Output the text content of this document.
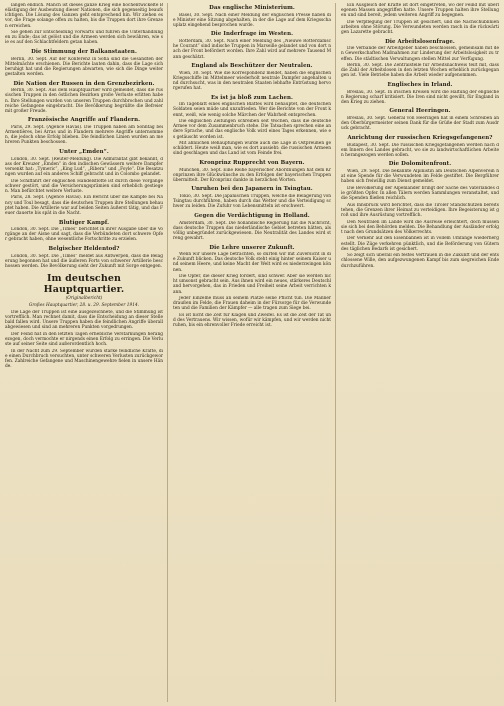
langen endlich. Manch ist dieses ganze Krieg eine hochentwickelte Belästigung der Ausbeutung dieser Nationen, die sich gegenseitig beaufsichtigen. Die Lösung des Ganzen geht entsprechend hin. Wir ziehen es vor, die Frage solange offen zu halten, bis die Truppen dort ihre Grenzen erreichen.
Sie gehen zur Entscheidung vorwärts und führen die Unterhandlungen zu Ende; das ist gelöst und die Armeen werden sich bewähren, wie sie es auf den Schlachtfeldern getan haben.
Die Stimmung der Balkanstaaten.
Berlin, 30. Sept. Auf der Konferenz in Sofia sind die Gesandten der Mittelmächte erschienen. Die Berichte lauten dahin, dass die Lage sich beruhigt hat und die Regierungen abwarten, wie sich die Dinge weiter gestalten werden.
Die Nation der Russen in den Grenzbezirken.
Berlin, 30. Sept. Aus dem Hauptquartier wird gemeldet, dass die russischen Truppen in den östlichen Bezirken große Verluste erlitten haben. Ihre Stellungen wurden von unseren Truppen durchbrochen und zahlreiche Gefangene eingebracht. Die Bevölkerung begrüßte die Befreier mit großer Freude.
Französische Angriffe auf Flandern.
Paris, 29. Sept. (Agence Havas). Die Truppen haben am Sonntag bei Armentières, bei Arras und in Flandern mehrere Angriffe unternommen, die jedoch ohne Erfolg blieben. Die feindlichen Linien wurden an mehreren Punkten beschossen.
Unter „Emden“.
London, 30. Sept. (Reuter-Meldung). Die Admiralität gibt bekannt, dass der Kreuzer „Emden“ in den indischen Gewässern weitere Dampfer versenkt hat: „Tymeric“, „King Lud“, „Ribera“ und „Foyle“. Die Besatzungen wurden auf ein anderes Schiff gebracht und in Colombo gelandet.
Die Schiffahrt der englischen Handelsflotte ist durch diese Vorgänge schwer gestört, und die Versicherungsprämien sind erheblich gestiegen. Man befürchtet weitere Verluste.
Paris, 28. Sept. (Agence Havas). Ein Bericht über die Kämpfe bei Nancy und Toul besagt, dass die deutschen Truppen ihre Stellungen behauptet haben. Die Artillerie war auf beiden Seiten äußerst tätig, und das Feuer dauerte bis spät in die Nacht.
Blutiger Kampf.
London, 30. Sept. Die „Times“ berichtet in ihrer Ausgabe über die Vorgänge an der Aisne und sagt, dass die Verbündeten dort schwere Opfer gebracht haben, ohne wesentliche Fortschritte zu erzielen.
Belgischer Heldentod?
London, 30. Sept. Die „Times“ meldet aus Antwerpen, dass die Belagerung begonnen hat und die äußeren Forts von schwerer Artillerie beschossen werden. Die Bevölkerung sieht der Zukunft mit Sorge entgegen.
Im deutschen Hauptquartier.
(Originalbericht)
Großes Hauptquartier, 28. u. 29. September 1914.
Die Lage der Truppen ist eine ausgezeichnete, und die Stimmung ist vortrefflich. Man rechnet damit, dass die Entscheidung an dieser Stelle bald fallen wird. Unsere Truppen haben die feindlichen Angriffe überall abgewiesen und sind an mehreren Punkten vorgedrungen.
Der Feind hat in den letzten Tagen erhebliche Verstärkungen herangezogen, doch vermochte er nirgends einen Erfolg zu erringen. Die Verluste auf seiner Seite sind außerordentlich hoch.
In der Nacht zum 29. September wurden starke feindliche Kräfte, die einen Durchbruch versuchten, unter schweren Verlusten zurückgeworfen. Zahlreiche Gefangene und Maschinengewehre fielen in unsere Hände.
Das englische Ministerium.
Basel, 30. Sept. Nach einer Meldung der englischen Presse haben die Minister eine Sitzung abgehalten, in der die Lage auf dem Kriegsschauplatz eingehend besprochen wurde.
Die Inderfrage im Westen.
Rotterdam, 30. Sept. Nach einer Meldung des „Nieuwe Rotterdamsche Courant“ sind indische Truppen in Marseille gelandet und von dort nach der Front befördert worden. Ihre Zahl wird auf mehrere Tausend Mann geschätzt.
England als Beschützer der Neutralen.
Wien, 30. Sept. Wie die Korrespondenz meldet, haben die englischen Kriegsschiffe im Mittelmeer wiederholt neutrale Dampfer angehalten und durchsucht, was in den neutralen Staaten lebhafte Entrüstung hervorgerufen hat.
Es ist ja bloß zum Lachen.
Im Tageblatt eines englischen Blattes wird behauptet, die deutschen Soldaten seien müde und unzufrieden. Wer die Berichte von der Front kennt, weiß, wie wenig solche Märchen der Wahrheit entsprechen.
Die englischen Zeitungen schreiben seit Wochen, dass die deutsche Armee vor dem Zusammenbruch stehe. Die Tatsachen sprechen eine andere Sprache, und das englische Volk wird eines Tages erkennen, wie es getäuscht worden ist.
Mit ähnlichen Behauptungen wurde auch die Lage in Ostpreußen geschildert. Heute weiß man, wie es dort aussieht: die russischen Armeen sind geschlagen und das Land ist vom Feinde frei.
Kronprinz Rupprecht von Bayern.
München, 30. Sept. Eine Reihe bayerischer Abordnungen hat dem Kronprinzen ihre Glückwünsche zu den Erfolgen der bayerischen Truppen übermittelt. Der Kronprinz dankte in herzlichen Worten.
Unruhen bei den Japanern in Tsingtau.
Tokio, 30. Sept. Die japanischen Truppen, welche die Belagerung von Tsingtau durchführen, haben durch das Wetter und die Verteidigung schwer zu leiden. Die Zufuhr von Lebensmitteln ist erschwert.
Gegen die Verdächtigung in Holland.
Amsterdam, 30. Sept. Die holländische Regierung hat die Nachricht, dass deutsche Truppen das niederländische Gebiet betreten hätten, als völlig unbegründet zurückgewiesen. Die Neutralität des Landes wird streng gewahrt.
Die Lehre unserer Zukunft.
Wenn wir unsere Lage betrachten, so dürfen wir mit Zuversicht in die Zukunft blicken. Das deutsche Volk steht einig hinter seinem Kaiser und seinem Heere, und keine Macht der Welt wird es niederzwingen können.
Die Opfer, die dieser Krieg fordert, sind schwer. Aber sie werden nicht umsonst gebracht sein. Aus ihnen wird ein neues, stärkeres Deutschland hervorgehen, das in Frieden und Freiheit seine Arbeit verrichten kann.
Jeder Einzelne muss an seinem Platze seine Pflicht tun. Die Männer draußen im Felde, die Frauen daheim in der Fürsorge für die Verwundeten und die Familien der Kämpfer — alle tragen zum Siege bei.
Es ist nicht die Zeit für Klagen und Zweifel. Es ist die Zeit der Tat und des Vertrauens. Wir wissen, wofür wir kämpfen, und wir werden nicht ruhen, bis ein ehrenvoller Friede erreicht ist.
Ein Ausgleich der Kräfte ist dort eingetreten, wo der Feind mit überlegenen Massen angegriffen hatte. Unsere Truppen halten ihre Stellungen und sind bereit, jedem weiteren Angriff zu begegnen.
Die Verpflegung der Truppen ist gesichert, und die Nachschublinien arbeiten ohne Störung. Die Verwundeten werden rasch in die rückwärtigen Lazarette gebracht.
Die Arbeitslosenfrage.
Die Verbände der Arbeitgeber haben beschlossen, gemeinsam mit den Gewerkschaften Maßnahmen zur Linderung der Arbeitslosigkeit zu treffen. Die städtischen Verwaltungen stellen Mittel zur Verfügung.
Berlin, 30. Sept. Die Zentralstelle für Arbeitsnachweis teilt mit, dass die Zahl der Arbeitslosen in den letzten Wochen erheblich zurückgegangen ist. Viele Betriebe haben die Arbeit wieder aufgenommen.
Englisches in Irland.
Breslau, 30. Sept. In irischen Kreisen wird die Haltung der englischen Regierung scharf kritisiert. Die Iren sind nicht gewillt, für England in den Krieg zu ziehen.
General Heeringen.
Breslau, 30. Sept. General von Heeringen hat in einem Schreiben an den Oberbürgermeister seinen Dank für die Grüße der Stadt zum Ausdruck gebracht.
Anrichtung der russischen Kriegsgefangenen?
Budapest, 30. Sept. Die russischen Kriegsgefangenen werden nach dem Innern des Landes gebracht, wo sie zu landwirtschaftlichen Arbeiten herangezogen werden sollen.
Die Dolomitenfront.
Wien, 29. Sept. Die bekannte Alpinistin am Deutschen Alpenverein hat eine Spende für die Verwundeten im Felde gestiftet. Die Bergführer haben sich freiwillig zum Dienst gemeldet.
Die Bevölkerung der Alpenländer bringt der Sache des Vaterlandes die größten Opfer. In allen Tälern werden Sammlungen veranstaltet, und die Spenden fließen reichlich.
Aus Innsbruck wird berichtet, dass die Tiroler Standschützen bereitstehen, die Grenzen ihrer Heimat zu verteidigen. Ihre Begeisterung ist groß und ihre Ausrüstung vortrefflich.
Den Neutralen im Lande wird die Ausreise erleichtert, doch müssen sie sich bei den Behörden melden. Die Behandlung der Ausländer erfolgt nach den Grundsätzen des Völkerrechts.
Der Verkehr auf den Eisenbahnen ist in vollem Umfange wiederhergestellt. Die Züge verkehren pünktlich, und die Beförderung von Gütern des täglichen Bedarfs ist gesichert.
So zeigt sich überall ein festes Vertrauen in die Zukunft und der entschlossene Wille, den aufgezwungenen Kampf bis zum siegreichen Ende durchzuführen.
